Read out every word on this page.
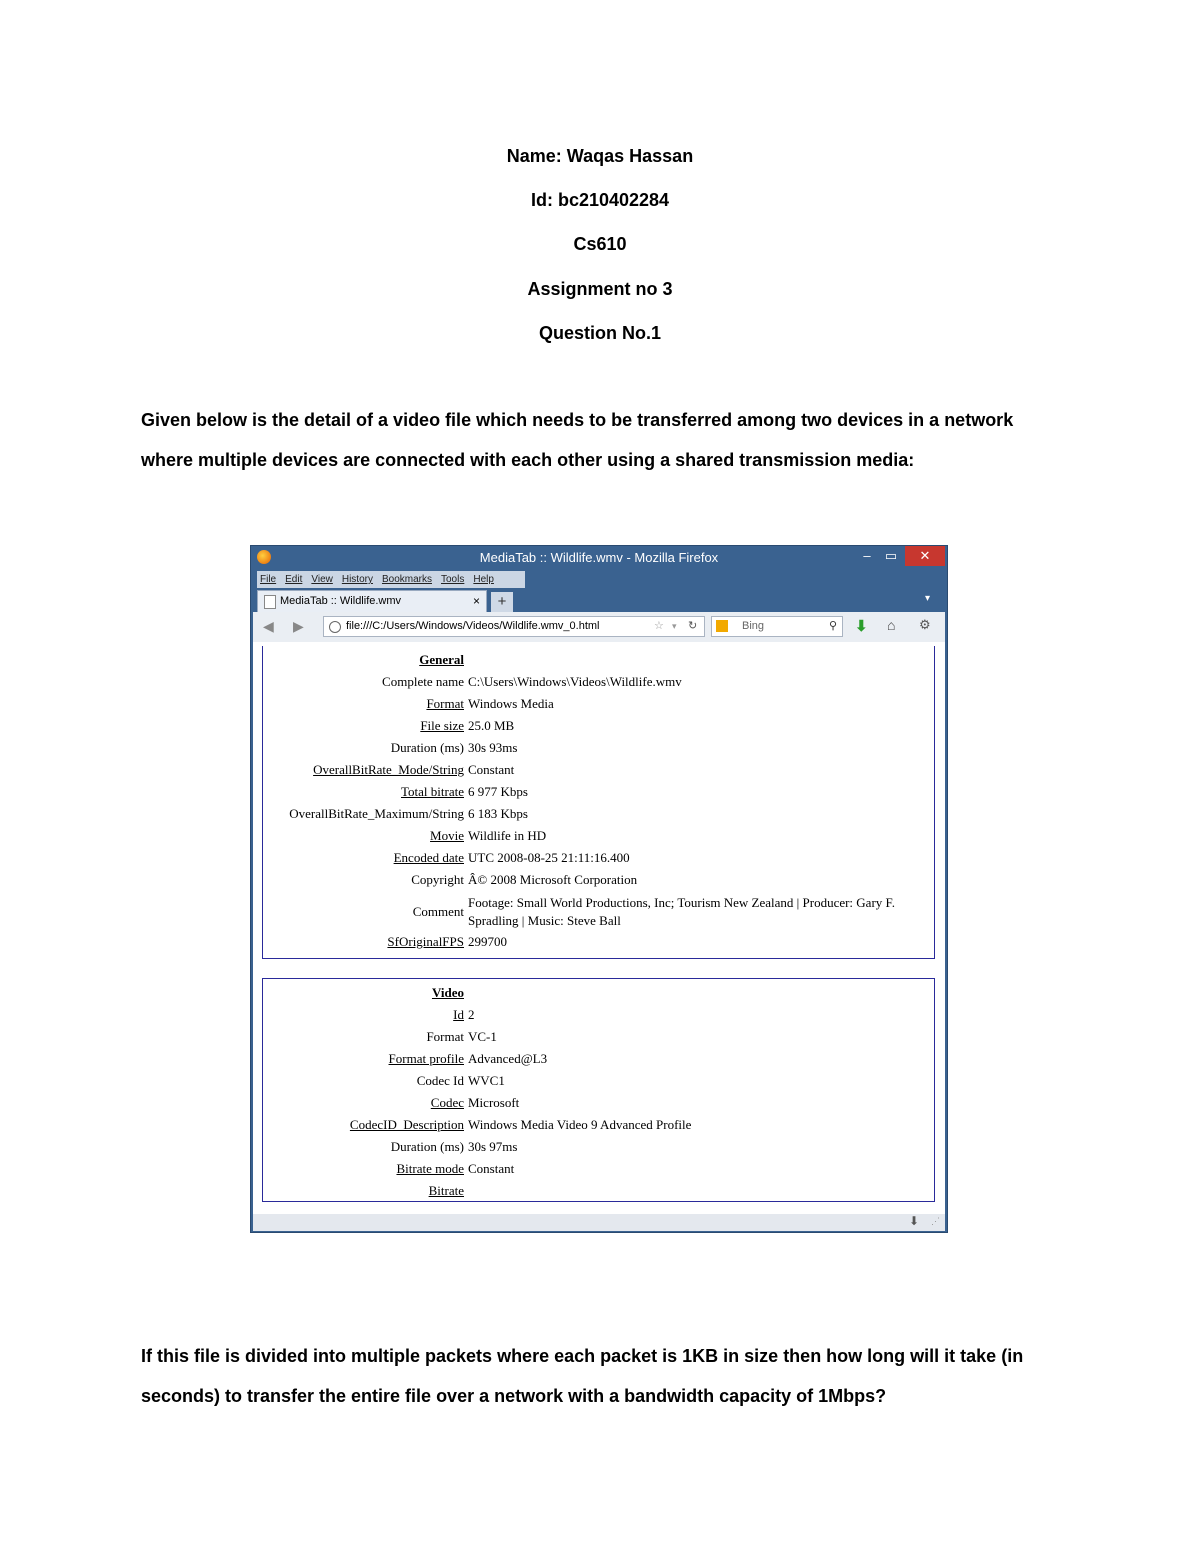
Name: Waqas Hassan
Id: bc210402284
Cs610
Assignment no 3
Question No.1
Given below is the detail of a video file which needs to be transferred among two devices in a network
where multiple devices are connected with each other using a shared transmission media:
MediaTab :: Wildlife.wmv - Mozilla Firefox	–	▭	✕
File Edit View History Bookmarks Tools Help
MediaTab :: Wildlife.wmv	×	+	▾
◀ ▶	file:///C:/Users/Windows/Videos/Wildlife.wmv_0.html	☆ ▾ ↻	Bing	⚲ ⬇ ⌂ ⚙
General
Complete name C:\Users\Windows\Videos\Wildlife.wmv
Format Windows Media
File size 25.0 MB
Duration (ms) 30s 93ms
OverallBitRate_Mode/String Constant
Total bitrate 6 977 Kbps
OverallBitRate_Maximum/String 6 183 Kbps
Movie Wildlife in HD
Encoded date UTC 2008-08-25 21:11:16.400
Copyright Â© 2008 Microsoft Corporation
Comment
Footage: Small World Productions, Inc; Tourism New Zealand | Producer: Gary F. Spradling | Music: Steve Ball
SfOriginalFPS 299700
Video
Id 2
Format VC-1
Format profile Advanced@L3
Codec Id WVC1
Codec Microsoft
CodecID_Description Windows Media Video 9 Advanced Profile
Duration (ms) 30s 97ms
Bitrate mode Constant
Bitrate
⬇ ⋰
If this file is divided into multiple packets where each packet is 1KB in size then how long will it take (in
seconds) to transfer the entire file over a network with a bandwidth capacity of 1Mbps?
